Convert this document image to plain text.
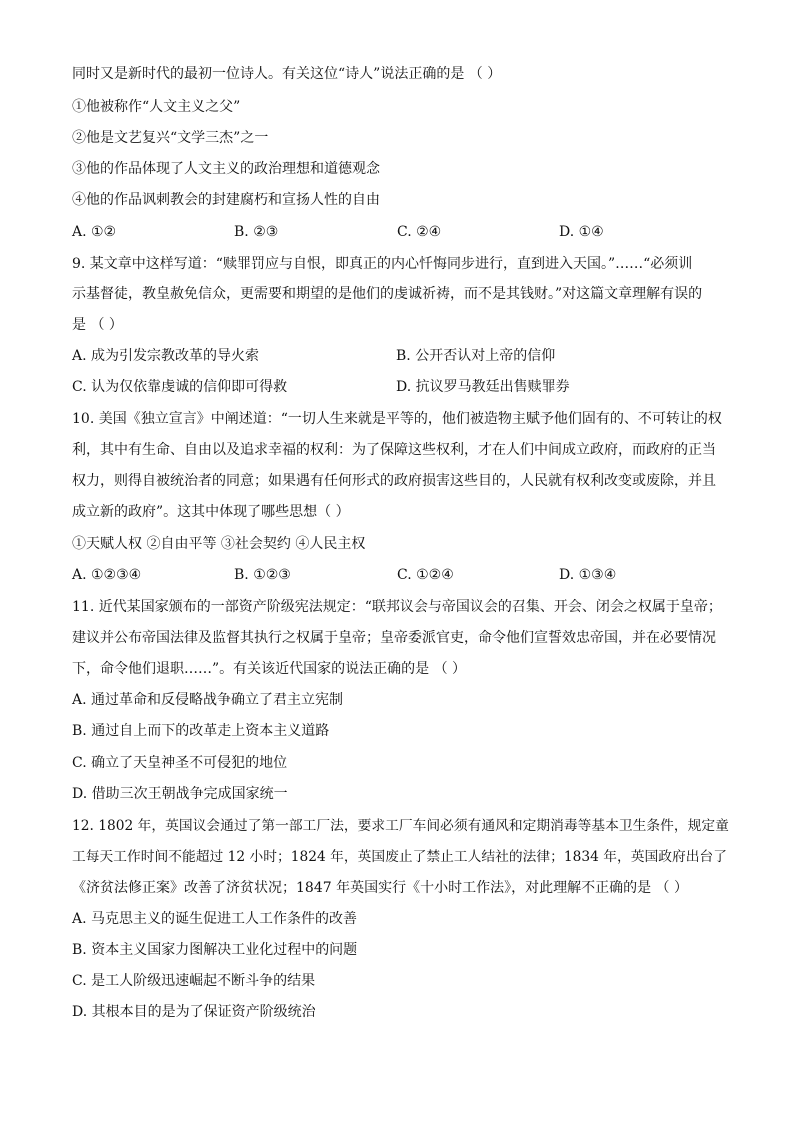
同时又是新时代的最初一位诗人。有关这位“诗人”说法正确的是 （ ）
①他被称作“人文主义之父”
②他是文艺复兴“文学三杰”之一
③他的作品体现了人文主义的政治理想和道德观念
④他的作品讽刺教会的封建腐朽和宣扬人性的自由
A. ①②	B. ②③	C. ②④	D. ①④
9. 某文章中这样写道：“赎罪罚应与自恨，即真正的内心忏悔同步进行，直到进入天国。”……“必须训
示基督徒，教皇赦免信众，更需要和期望的是他们的虔诚祈祷，而不是其钱财。”对这篇文章理解有误的
是 （ ）
A. 成为引发宗教改革的导火索	B. 公开否认对上帝的信仰
C. 认为仅依靠虔诚的信仰即可得救	D. 抗议罗马教廷出售赎罪券
10. 美国《独立宣言》中阐述道：“一切人生来就是平等的，他们被造物主赋予他们固有的、不可转让的权
利，其中有生命、自由以及追求幸福的权利：为了保障这些权利，才在人们中间成立政府，而政府的正当
权力，则得自被统治者的同意；如果遇有任何形式的政府损害这些目的，人民就有权利改变或废除，并且
成立新的政府”。这其中体现了哪些思想（ ）
①天赋人权 ②自由平等 ③社会契约 ④人民主权
A. ①②③④	B. ①②③	C. ①②④	D. ①③④
11. 近代某国家颁布的一部资产阶级宪法规定：“联邦议会与帝国议会的召集、开会、闭会之权属于皇帝；
建议并公布帝国法律及监督其执行之权属于皇帝；皇帝委派官吏，命令他们宣誓效忠帝国，并在必要情况
下，命令他们退职……”。有关该近代国家的说法正确的是 （ ）
A. 通过革命和反侵略战争确立了君主立宪制
B. 通过自上而下的改革走上资本主义道路
C. 确立了天皇神圣不可侵犯的地位
D. 借助三次王朝战争完成国家统一
12. 1802 年，英国议会通过了第一部工厂法，要求工厂车间必须有通风和定期消毒等基本卫生条件，规定童
工每天工作时间不能超过 12 小时；1824 年，英国废止了禁止工人结社的法律；1834 年，英国政府出台了
《济贫法修正案》改善了济贫状况；1847 年英国实行《十小时工作法》，对此理解不正确的是 （ ）
A. 马克思主义的诞生促进工人工作条件的改善
B. 资本主义国家力图解决工业化过程中的问题
C. 是工人阶级迅速崛起不断斗争的结果
D. 其根本目的是为了保证资产阶级统治
